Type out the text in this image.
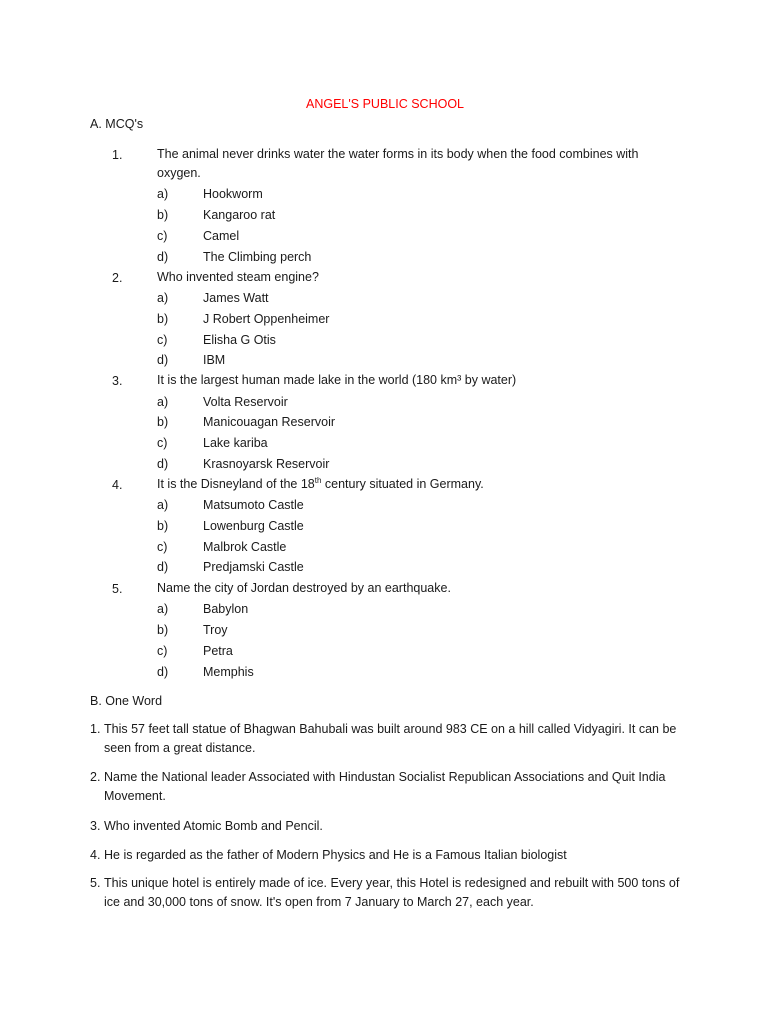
ANGEL'S PUBLIC SCHOOL
A. MCQ's
1.	The animal never drinks water the water forms in its body when the food combines with oxygen.
a)	Hookworm
b)	Kangaroo rat
c)	Camel
d)	The Climbing perch
2.	Who invented steam engine?
a)	James Watt
b)	J Robert Oppenheimer
c)	Elisha G Otis
d)	IBM
3.	It is the largest human made lake in the world (180 km³ by water)
a)	Volta Reservoir
b)	Manicouagan Reservoir
c)	Lake kariba
d)	Krasnoyarsk Reservoir
4.	It is the Disneyland of the 18th century situated in Germany.
a)	Matsumoto Castle
b)	Lowenburg Castle
c)	Malbrok Castle
d)	Predjamski Castle
5.	Name the city of Jordan destroyed by an earthquake.
a)	Babylon
b)	Troy
c)	Petra
d)	Memphis
B. One Word
1. This 57 feet tall statue of Bhagwan Bahubali was built around 983 CE on a hill called Vidyagiri. It can be seen from a great distance.
2. Name the National leader Associated with Hindustan Socialist Republican Associations and Quit India Movement.
3. Who invented Atomic Bomb and Pencil.
4. He is regarded as the father of Modern Physics and He is a Famous Italian biologist
5. This unique hotel is entirely made of ice. Every year, this Hotel is redesigned and rebuilt with 500 tons of ice and 30,000 tons of snow. It's open from 7 January to March 27, each year.
